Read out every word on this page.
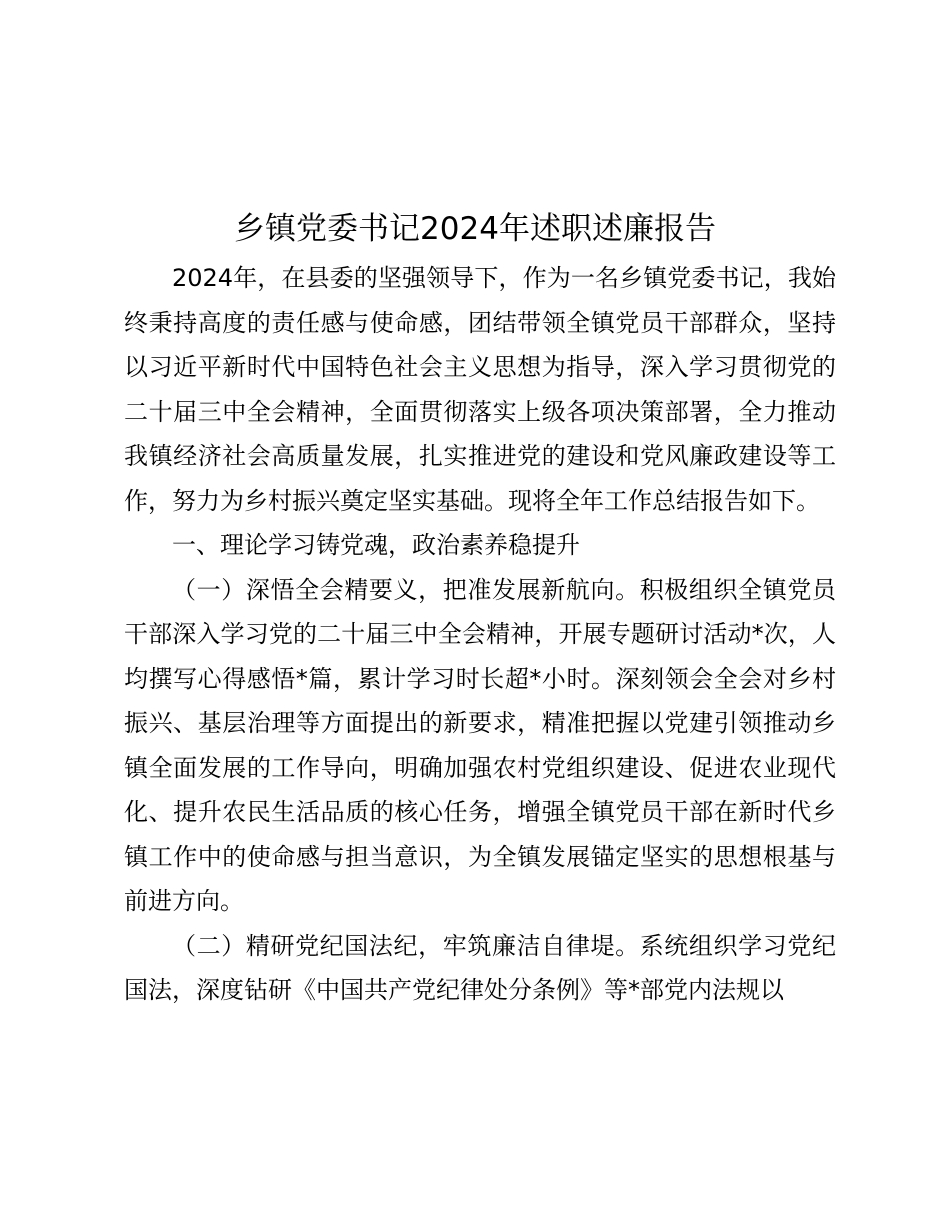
乡镇党委书记2024年述职述廉报告

2024年，在县委的坚强领导下，作为一名乡镇党委书记，我始终秉持高度的责任感与使命感，团结带领全镇党员干部群众，坚持以习近平新时代中国特色社会主义思想为指导，深入学习贯彻党的二十届三中全会精神，全面贯彻落实上级各项决策部署，全力推动我镇经济社会高质量发展，扎实推进党的建设和党风廉政建设等工作，努力为乡村振兴奠定坚实基础。现将全年工作总结报告如下。

一、理论学习铸党魂，政治素养稳提升

（一）深悟全会精要义，把准发展新航向。积极组织全镇党员干部深入学习党的二十届三中全会精神，开展专题研讨活动*次，人均撰写心得感悟*篇，累计学习时长超*小时。深刻领会全会对乡村振兴、基层治理等方面提出的新要求，精准把握以党建引领推动乡镇全面发展的工作导向，明确加强农村党组织建设、促进农业现代化、提升农民生活品质的核心任务，增强全镇党员干部在新时代乡镇工作中的使命感与担当意识，为全镇发展锚定坚实的思想根基与前进方向。

（二）精研党纪国法纪，牢筑廉洁自律堤。系统组织学习党纪国法，深度钻研《中国共产党纪律处分条例》等*部党内法规以
